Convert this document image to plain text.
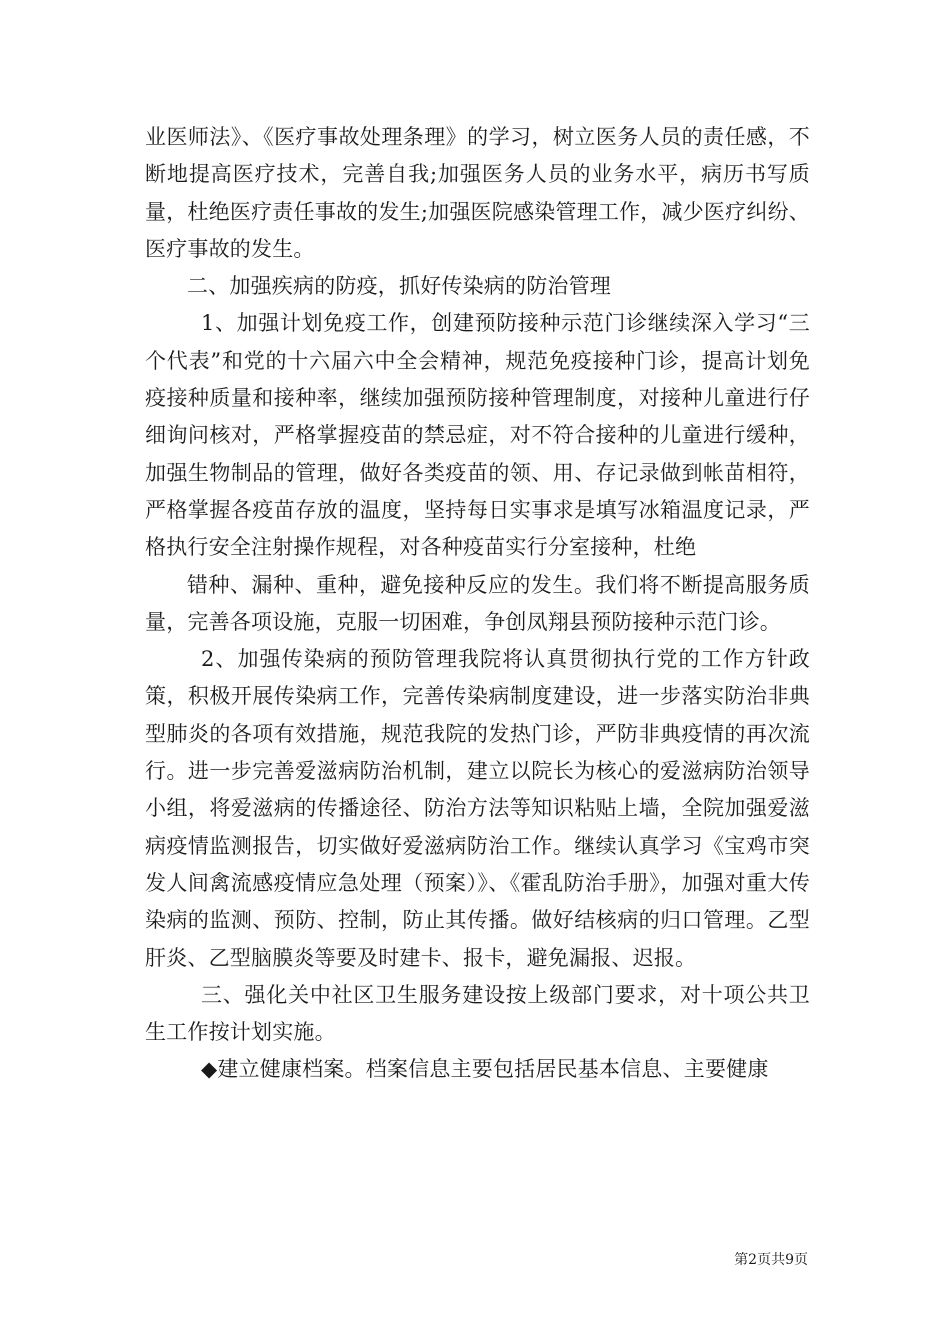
业医师法》、《医疗事故处理条理》的学习，树立医务人员的责任感，不断地提高医疗技术，完善自我;加强医务人员的业务水平，病历书写质量，杜绝医疗责任事故的发生;加强医院感染管理工作，减少医疗纠纷、医疗事故的发生。

二、加强疾病的防疫，抓好传染病的防治管理

1、加强计划免疫工作，创建预防接种示范门诊继续深入学习“三个代表”和党的十六届六中全会精神，规范免疫接种门诊，提高计划免疫接种质量和接种率，继续加强预防接种管理制度，对接种儿童进行仔细询问核对，严格掌握疫苗的禁忌症，对不符合接种的儿童进行缓种，加强生物制品的管理，做好各类疫苗的领、用、存记录做到帐苗相符，严格掌握各疫苗存放的温度，坚持每日实事求是填写冰箱温度记录，严格执行安全注射操作规程，对各种疫苗实行分室接种，杜绝

错种、漏种、重种，避免接种反应的发生。我们将不断提高服务质量，完善各项设施，克服一切困难，争创凤翔县预防接种示范门诊。

2、加强传染病的预防管理我院将认真贯彻执行党的工作方针政策，积极开展传染病工作，完善传染病制度建设，进一步落实防治非典型肺炎的各项有效措施，规范我院的发热门诊，严防非典疫情的再次流行。进一步完善爱滋病防治机制，建立以院长为核心的爱滋病防治领导小组，将爱滋病的传播途径、防治方法等知识粘贴上墙，全院加强爱滋病疫情监测报告，切实做好爱滋病防治工作。继续认真学习《宝鸡市突发人间禽流感疫情应急处理（预案）》、《霍乱防治手册》，加强对重大传染病的监测、预防、控制，防止其传播。做好结核病的归口管理。乙型肝炎、乙型脑膜炎等要及时建卡、报卡，避免漏报、迟报。

三、强化关中社区卫生服务建设按上级部门要求，对十项公共卫生工作按计划实施。

◆建立健康档案。档案信息主要包括居民基本信息、主要健康

第2页共9页
